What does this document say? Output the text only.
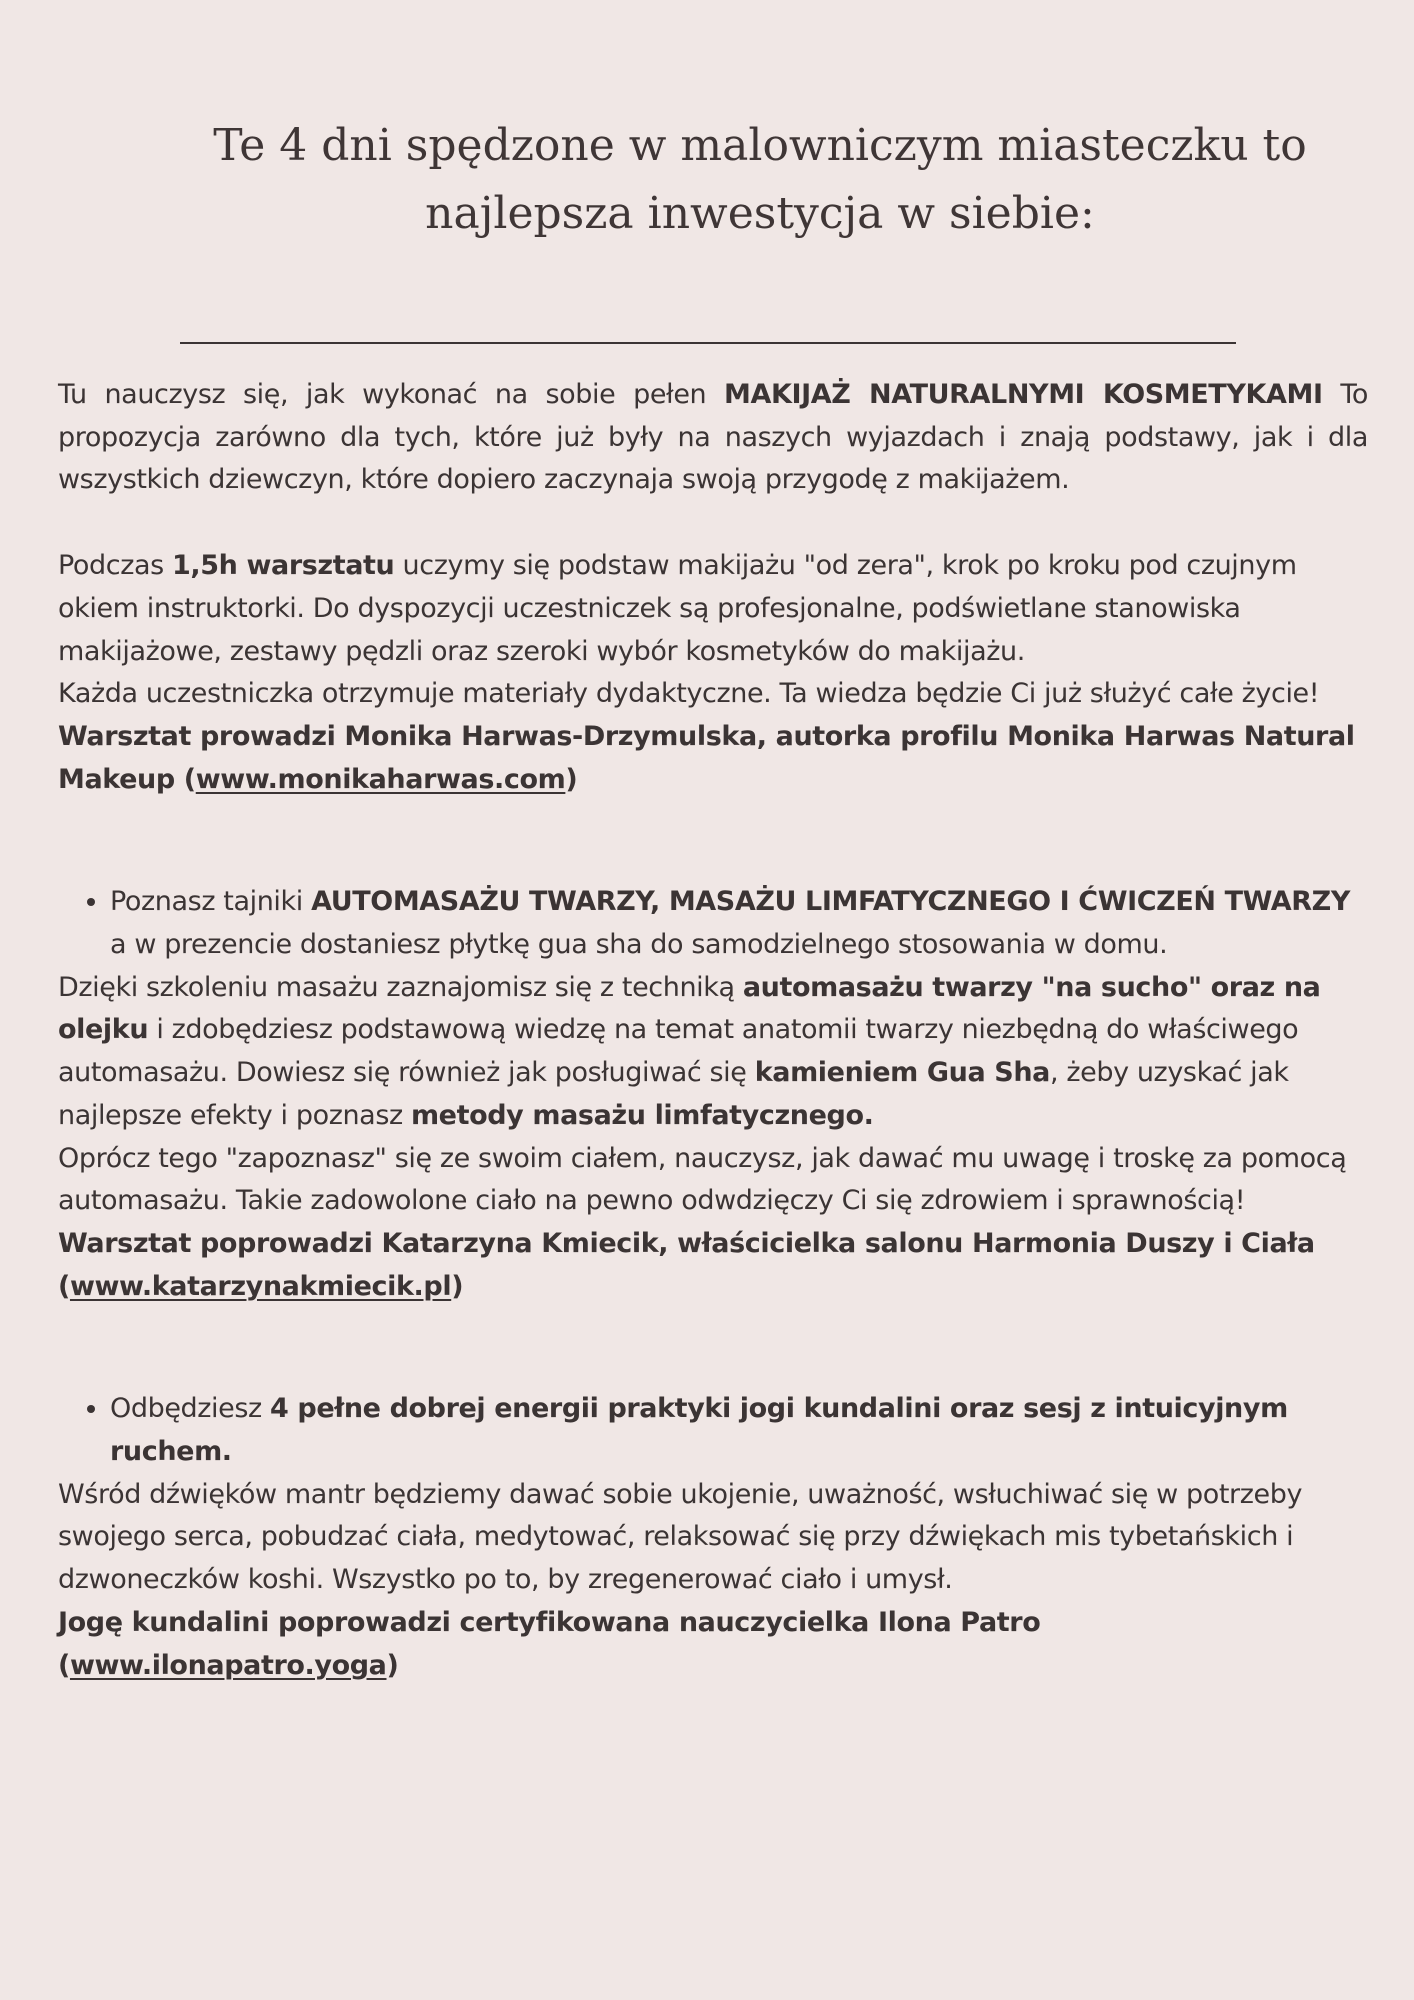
Te 4 dni spędzone w malowniczym miasteczku to
najlepsza inwestycja w siebie:

Tu nauczysz się, jak wykonać na sobie pełen MAKIJAŻ NATURALNYMI KOSMETYKAMI To propozycja zarówno dla tych, które już były na naszych wyjazdach i znają podstawy, jak i dla wszystkich dziewczyn, które dopiero zaczynaja swoją przygodę z makijażem.

Podczas 1,5h warsztatu uczymy się podstaw makijażu "od zera", krok po kroku pod czujnym okiem instruktorki. Do dyspozycji uczestniczek są profesjonalne, podświetlane stanowiska makijażowe, zestawy pędzli oraz szeroki wybór kosmetyków do makijażu.

Każda uczestniczka otrzymuje materiały dydaktyczne. Ta wiedza będzie Ci już służyć całe życie!

Warsztat prowadzi Monika Harwas-Drzymulska, autorka profilu Monika Harwas Natural Makeup (www.monikaharwas.com)

• Poznasz tajniki AUTOMASAŻU TWARZY, MASAŻU LIMFATYCZNEGO I ĆWICZEŃ TWARZY a w prezencie dostaniesz płytkę gua sha do samodzielnego stosowania w domu.

Dzięki szkoleniu masażu zaznajomisz się z techniką automasażu twarzy "na sucho" oraz na olejku i zdobędziesz podstawową wiedzę na temat anatomii twarzy niezbędną do właściwego automasażu. Dowiesz się również jak posługiwać się kamieniem Gua Sha, żeby uzyskać jak najlepsze efekty i poznasz metody masażu limfatycznego.

Oprócz tego "zapoznasz" się ze swoim ciałem, nauczysz, jak dawać mu uwagę i troskę za pomocą automasażu. Takie zadowolone ciało na pewno odwdzięczy Ci się zdrowiem i sprawnością!

Warsztat poprowadzi Katarzyna Kmiecik, właścicielka salonu Harmonia Duszy i Ciała (www.katarzynakmiecik.pl)

• Odbędziesz 4 pełne dobrej energii praktyki jogi kundalini oraz sesj z intuicyjnym ruchem.

Wśród dźwięków mantr będziemy dawać sobie ukojenie, uważność, wsłuchiwać się w potrzeby swojego serca, pobudzać ciała, medytować, relaksować się przy dźwiękach mis tybetańskich i dzwoneczków koshi. Wszystko po to, by zregenerować ciało i umysł.

Jogę kundalini poprowadzi certyfikowana nauczycielka Ilona Patro (www.ilonapatro.yoga)
